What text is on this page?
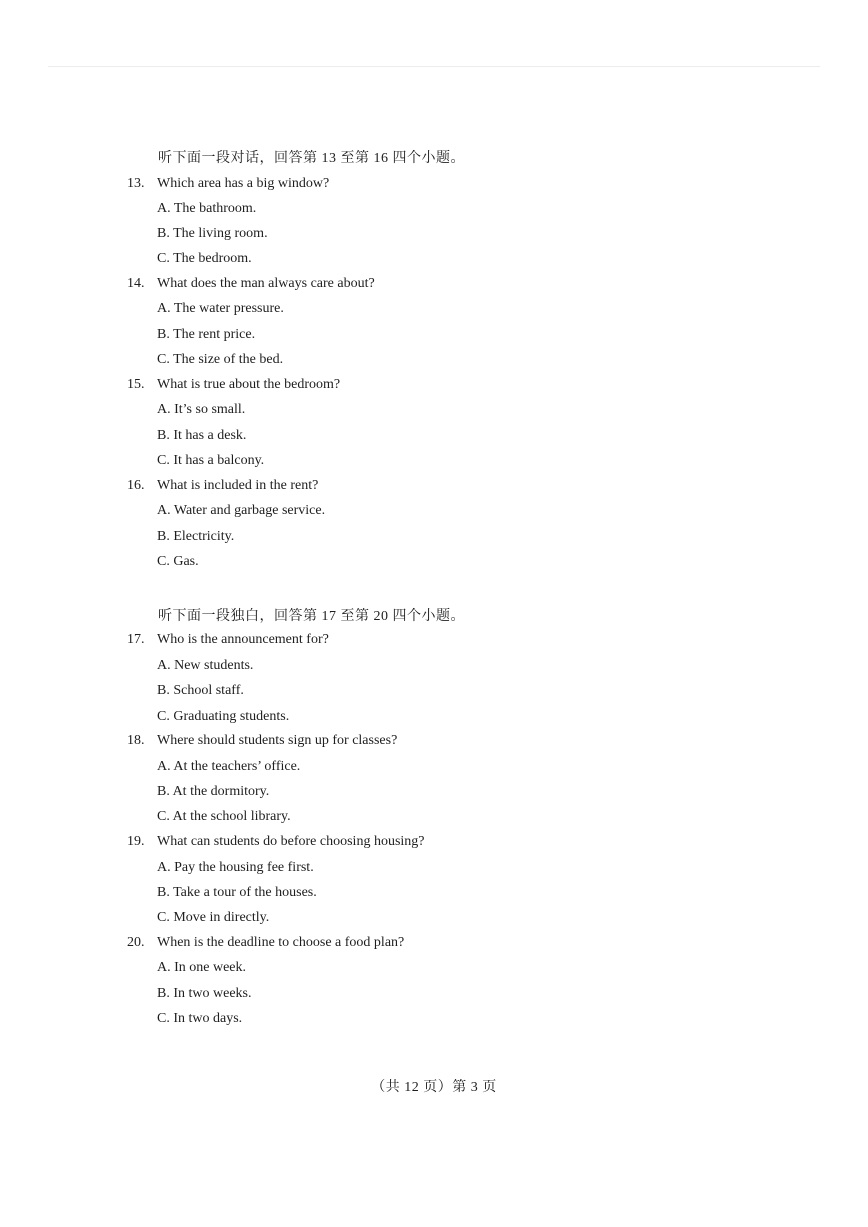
听下面一段对话，回答第 13 至第 16 四个小题。
13. Which area has a big window?
A. The bathroom.
B. The living room.
C. The bedroom.
14. What does the man always care about?
A. The water pressure.
B. The rent price.
C. The size of the bed.
15. What is true about the bedroom?
A. It’s so small.
B. It has a desk.
C. It has a balcony.
16. What is included in the rent?
A. Water and garbage service.
B. Electricity.
C. Gas.
听下面一段独白，回答第 17 至第 20 四个小题。
17. Who is the announcement for?
A. New students.
B. School staff.
C. Graduating students.
18. Where should students sign up for classes?
A. At the teachers’ office.
B. At the dormitory.
C. At the school library.
19. What can students do before choosing housing?
A. Pay the housing fee first.
B. Take a tour of the houses.
C. Move in directly.
20. When is the deadline to choose a food plan?
A. In one week.
B. In two weeks.
C. In two days.
（共 12 页）第 3 页
